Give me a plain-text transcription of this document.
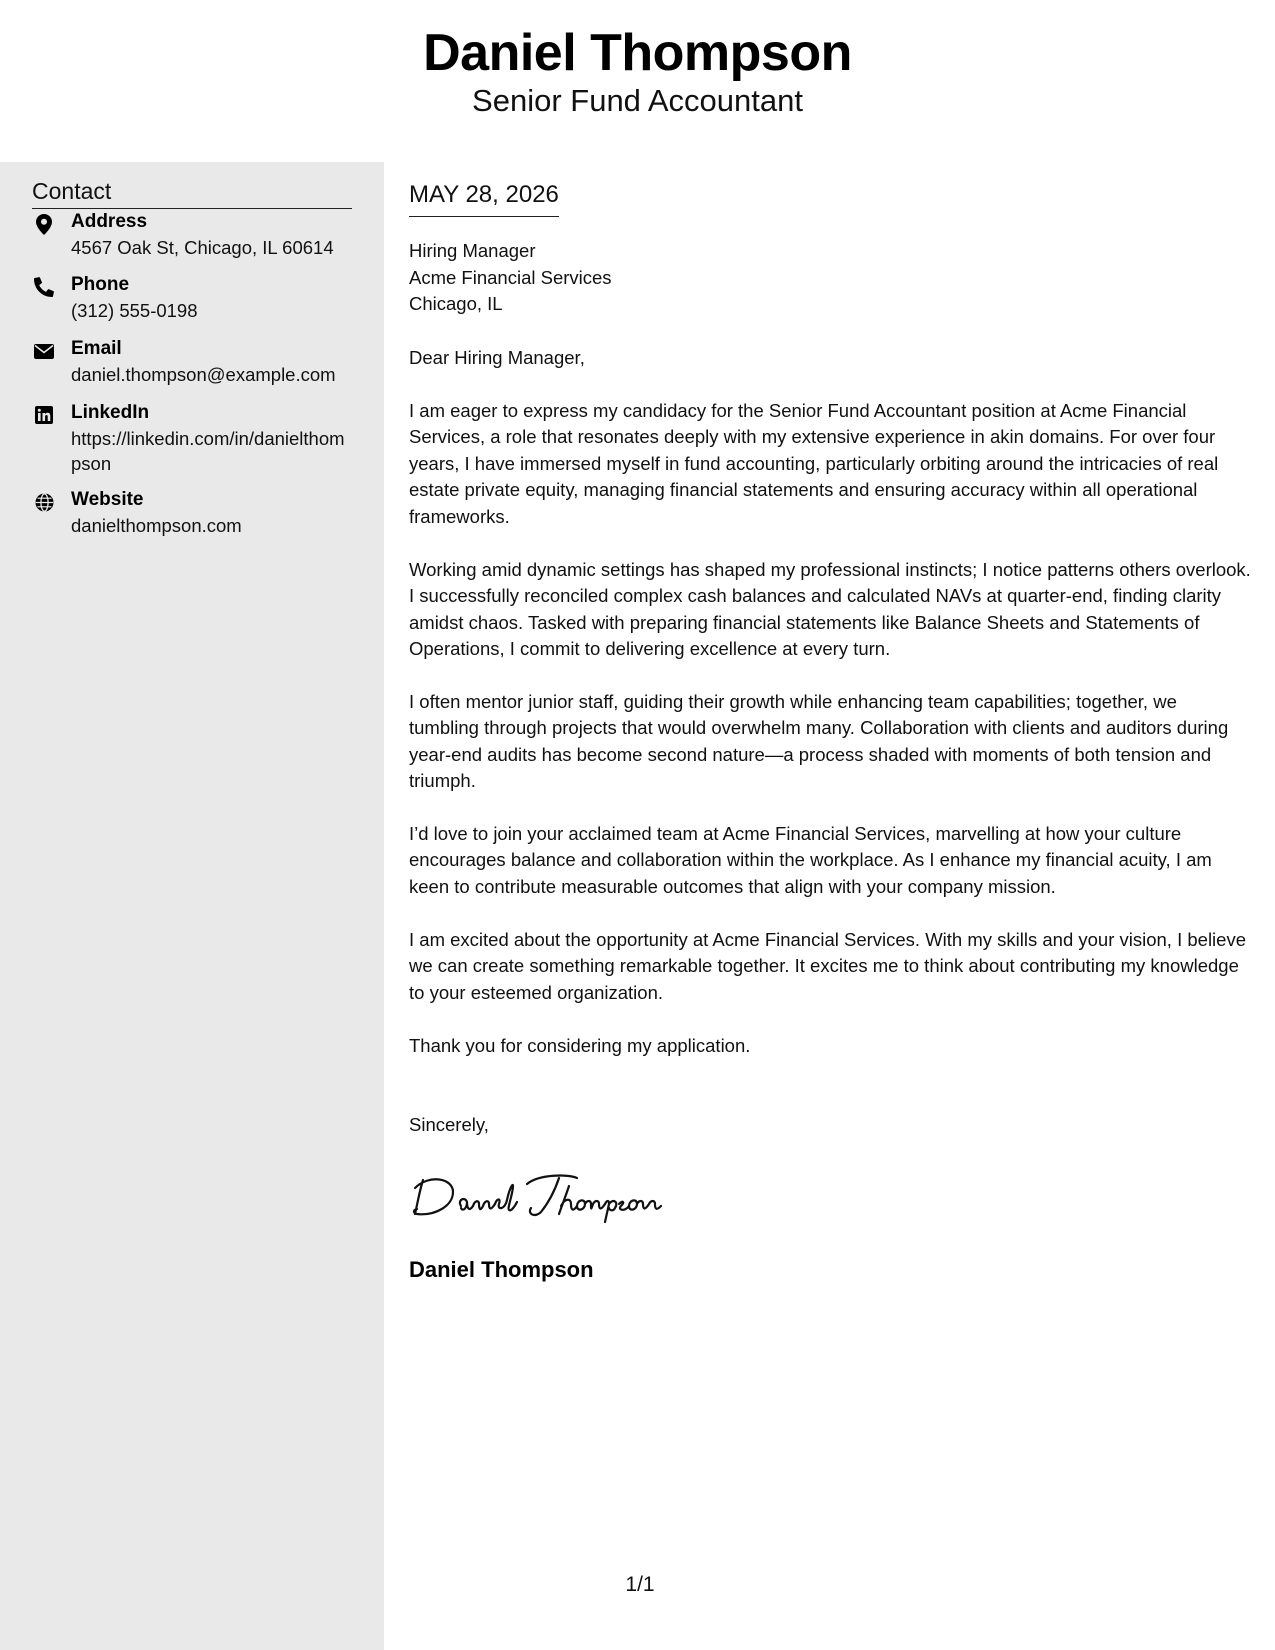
Daniel Thompson
Senior Fund Accountant
Contact
Address
4567 Oak St, Chicago, IL 60614
Phone
(312) 555-0198
Email
daniel.thompson@example.com
LinkedIn
https://linkedin.com/in/danielthompson
Website
danielthompson.com
MAY 28, 2026
Hiring Manager
Acme Financial Services
Chicago, IL
Dear Hiring Manager,

I am eager to express my candidacy for the Senior Fund Accountant position at Acme Financial Services, a role that resonates deeply with my extensive experience in akin domains. For over four years, I have immersed myself in fund accounting, particularly orbiting around the intricacies of real estate private equity, managing financial statements and ensuring accuracy within all operational frameworks.

Working amid dynamic settings has shaped my professional instincts; I notice patterns others overlook. I successfully reconciled complex cash balances and calculated NAVs at quarter-end, finding clarity amidst chaos. Tasked with preparing financial statements like Balance Sheets and Statements of Operations, I commit to delivering excellence at every turn.

I often mentor junior staff, guiding their growth while enhancing team capabilities; together, we tumbling through projects that would overwhelm many. Collaboration with clients and auditors during year-end audits has become second nature—a process shaded with moments of both tension and triumph.

I’d love to join your acclaimed team at Acme Financial Services, marvelling at how your culture encourages balance and collaboration within the workplace. As I enhance my financial acuity, I am keen to contribute measurable outcomes that align with your company mission.

I am excited about the opportunity at Acme Financial Services. With my skills and your vision, I believe we can create something remarkable together. It excites me to think about contributing my knowledge to your esteemed organization.

Thank you for considering my application.

Sincerely,
Daniel Thompson
1/1
